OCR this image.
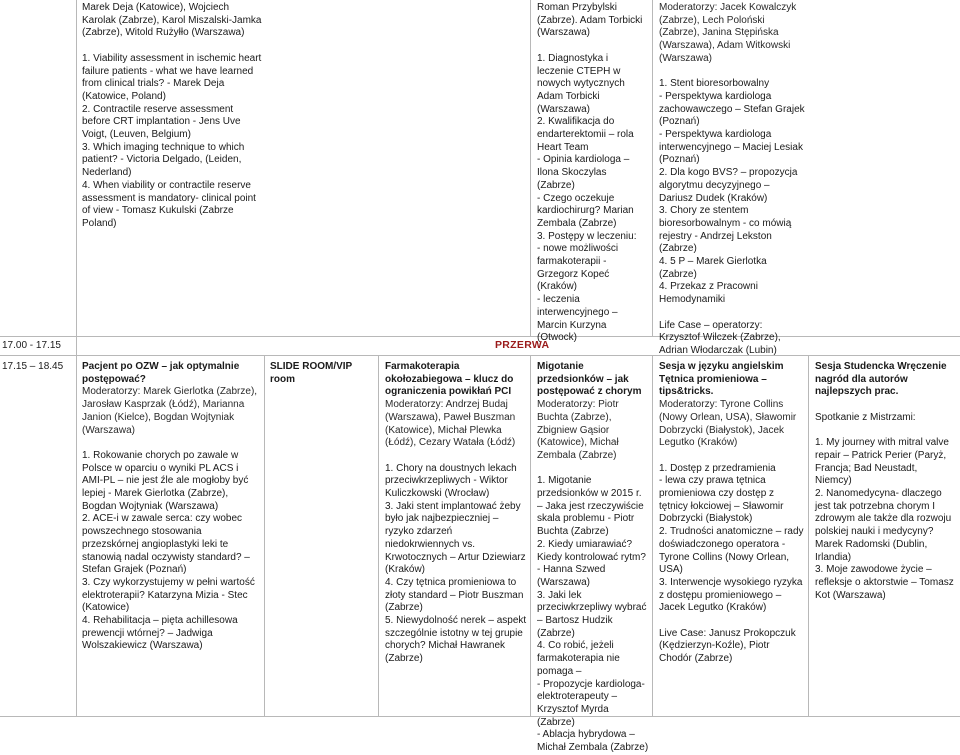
Marek Deja (Katowice), Wojciech Karolak (Zabrze), Karol Miszalski-Jamka (Zabrze), Witold Rużyłło (Warszawa)
1. Viability assessment in ischemic heart failure patients - what we have learned from clinical trials? - Marek Deja (Katowice, Poland)
2. Contractile reserve assessment before CRT implantation - Jens Uve Voigt, (Leuven, Belgium)
3. Which imaging technique to which patient? - Victoria Delgado, (Leiden, Nederland)
4. When viability or contractile reserve assessment is mandatory- clinical point of view - Tomasz Kukulski (Zabrze Poland)
Roman Przybylski (Zabrze). Adam Torbicki (Warszawa)
1. Diagnostyka i leczenie CTEPH w nowych wytycznych Adam Torbicki (Warszawa)
2. Kwalifikacja do endarterektomii – rola Heart Team
- Opinia kardiologa – Ilona Skoczylas (Zabrze)
- Czego oczekuje kardiochirurg? Marian Zembala (Zabrze)
3. Postępy w leczeniu:
- nowe możliwości farmakoterapii - Grzegorz Kopeć (Kraków)
- leczenia interwencyjnego – Marcin Kurzyna (Otwock)
Moderatorzy: Jacek Kowalczyk (Zabrze), Lech Poloński (Zabrze), Janina Stępińska (Warszawa), Adam Witkowski (Warszawa)
1. Stent bioresorbowalny
- Perspektywa kardiologa zachowawczego – Stefan Grajek (Poznań)
- Perspektywa kardiologa interwencyjnego – Maciej Lesiak (Poznań)
2. Dla kogo BVS? – propozycja algorytmu decyzyjnego – Dariusz Dudek (Kraków)
3. Chory ze stentem bioresorbowalnym - co mówią rejestry - Andrzej Lekston (Zabrze)
4. 5 P – Marek Gierlotka (Zabrze)
4. Przekaz z Pracowni Hemodynamiki
Life Case – operatorzy: Krzysztof Wilczek (Zabrze), Adrian Włodarczak (Lubin)
17.00 - 17.15	PRZERWA
17.15 – 18.45 Pacjent po OZW – jak optymalnie postępować?
Moderatorzy: Marek Gierlotka (Zabrze), Jarosław Kasprzak (Łódź), Marianna Janion (Kielce), Bogdan Wojtyniak (Warszawa)
1. Rokowanie chorych po zawale w Polsce w oparciu o wyniki PL ACS i AMI-PL – nie jest źle ale mogłoby być lepiej - Marek Gierlotka (Zabrze), Bogdan Wojtyniak (Warszawa)
2. ACE-i w zawale serca: czy wobec powszechnego stosowania przezskórnej angioplastyki leki te stanowią nadal oczywisty standard? – Stefan Grajek (Poznań)
3. Czy wykorzystujemy w pełni wartość elektroterapii? Katarzyna Mizia - Stec (Katowice)
4. Rehabilitacja – pięta achillesowa prewencji wtórnej? – Jadwiga Wolszakiewicz (Warszawa)
SLIDE ROOM/VIP room
Farmakoterapia okołozabiegowa – klucz do ograniczenia powikłań PCI
Moderatorzy: Andrzej Budaj (Warszawa), Paweł Buszman (Katowice), Michał Plewka (Łódź), Cezary Watała (Łódź)
1. Chory na doustnych lekach przeciwkrzepliwych - Wiktor Kuliczkowski (Wrocław)
3. Jaki stent implantować żeby było jak najbezpieczniej – ryzyko zdarzeń niedokrwiennych vs. Krwotocznych – Artur Dziewiarz (Kraków)
4. Czy tętnica promieniowa to złoty standard – Piotr Buszman (Zabrze)
5. Niewydolność nerek – aspekt szczególnie istotny w tej grupie chorych? Michał Hawranek (Zabrze)
Migotanie przedsionków – jak postępować z chorym
Moderatorzy: Piotr Buchta (Zabrze), Zbigniew Gąsior (Katowice), Michał Zembala (Zabrze)
1. Migotanie przedsionków w 2015 r. – Jaka jest rzeczywiście skala problemu - Piotr Buchta (Zabrze)
2. Kiedy umiarawiać? Kiedy kontrolować rytm? - Hanna Szwed (Warszawa)
3. Jaki lek przeciwkrzepliwy wybrać – Bartosz Hudzik (Zabrze)
4. Co robić, jeżeli farmakoterapia nie pomaga –
- Propozycje kardiologa-elektroterapeuty – Krzysztof Myrda (Zabrze)
- Ablacja hybrydowa – Michał Zembala (Zabrze)
Sesja w języku angielskim Tętnica promieniowa – tips&tricks.
Moderatorzy: Tyrone Collins (Nowy Orlean, USA), Sławomir Dobrzycki (Białystok), Jacek Legutko (Kraków)
1. Dostęp z przedramienia
- lewa czy prawa tętnica promieniowa czy dostęp z tętnicy łokciowej – Sławomir Dobrzycki (Białystok)
2. Trudności anatomiczne – rady doświadczonego operatora - Tyrone Collins (Nowy Orlean, USA)
3. Interwencje wysokiego ryzyka z dostępu promieniowego – Jacek Legutko (Kraków)
Live Case: Janusz Prokopczuk (Kędzierzyn-Koźle), Piotr Chodór (Zabrze)
Sesja Studencka Wręczenie nagród dla autorów najlepszych prac.
Spotkanie z Mistrzami:
1. My journey with mitral valve repair – Patrick Perier (Paryż, Francja; Bad Neustadt, Niemcy)
2. Nanomedycyna- dlaczego jest tak potrzebna chorym I zdrowym ale także dla rozwoju polskiej nauki i medycyny? Marek Radomski (Dublin, Irlandia)
3. Moje zawodowe życie – refleksje o aktorstwie – Tomasz Kot (Warszawa)
